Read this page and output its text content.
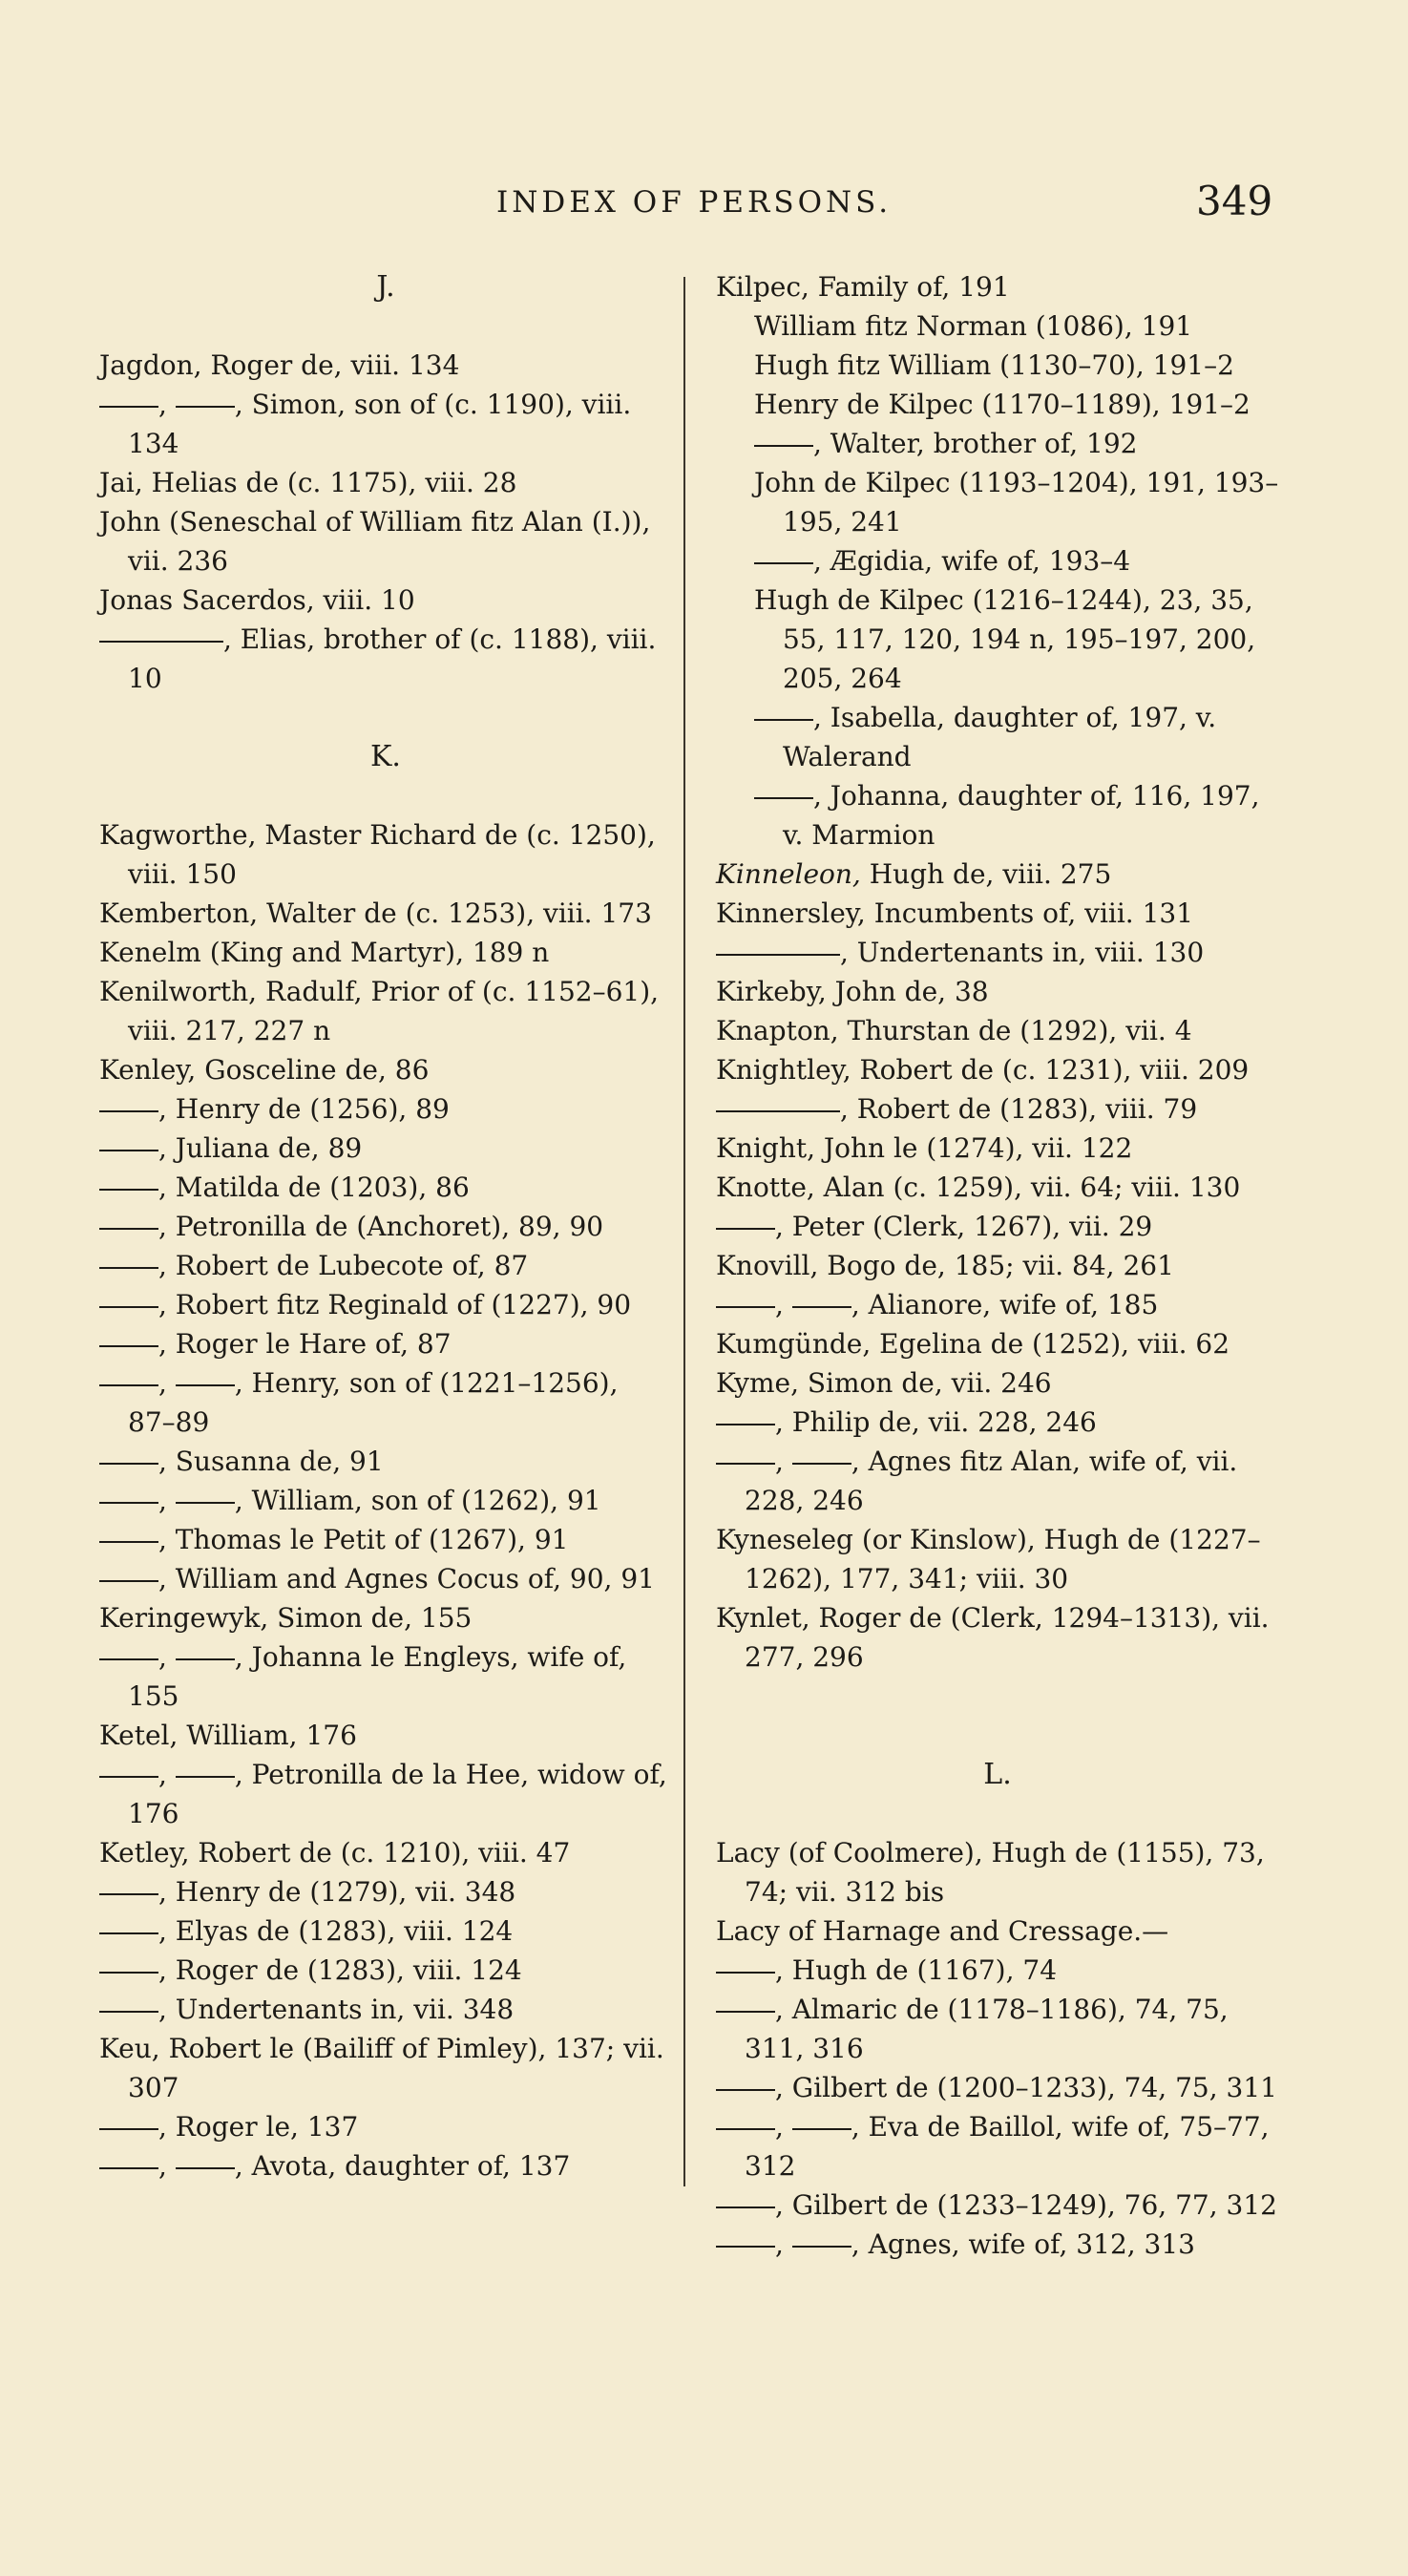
INDEX OF PERSONS.	349
J.
Jagdon, Roger de, viii. 134
, , Simon, son of (c. 1190), viii. 134
Jai, Helias de (c. 1175), viii. 28
John (Seneschal of William fitz Alan (I.)), vii. 236
Jonas Sacerdos, viii. 10
, Elias, brother of (c. 1188), viii. 10
K.
Kagworthe, Master Richard de (c. 1250), viii. 150
Kemberton, Walter de (c. 1253), viii. 173
Kenelm (King and Martyr), 189 n
Kenilworth, Radulf, Prior of (c. 1152–61), viii. 217, 227 n
Kenley, Gosceline de, 86
, Henry de (1256), 89
, Juliana de, 89
, Matilda de (1203), 86
, Petronilla de (Anchoret), 89, 90
, Robert de Lubecote of, 87
, Robert fitz Reginald of (1227), 90
, Roger le Hare of, 87
, , Henry, son of (1221–1256), 87–89
, Susanna de, 91
, , William, son of (1262), 91
, Thomas le Petit of (1267), 91
, William and Agnes Cocus of, 90, 91
Keringewyk, Simon de, 155
, , Johanna le Engleys, wife of, 155
Ketel, William, 176
, , Petronilla de la Hee, widow of, 176
Ketley, Robert de (c. 1210), viii. 47
, Henry de (1279), vii. 348
, Elyas de (1283), viii. 124
, Roger de (1283), viii. 124
, Undertenants in, vii. 348
Keu, Robert le (Bailiff of Pimley), 137; vii. 307
, Roger le, 137
, , Avota, daughter of, 137
Kilpec, Family of, 191
William fitz Norman (1086), 191
Hugh fitz William (1130–70), 191–2
Henry de Kilpec (1170–1189), 191–2
, Walter, brother of, 192
John de Kilpec (1193–1204), 191, 193–195, 241
, Ægidia, wife of, 193–4
Hugh de Kilpec (1216–1244), 23, 35, 55, 117, 120, 194 n, 195–197, 200, 205, 264
, Isabella, daughter of, 197, v. Walerand
, Johanna, daughter of, 116, 197, v. Marmion
Kinneleon, Hugh de, viii. 275
Kinnersley, Incumbents of, viii. 131
, Undertenants in, viii. 130
Kirkeby, John de, 38
Knapton, Thurstan de (1292), vii. 4
Knightley, Robert de (c. 1231), viii. 209
, Robert de (1283), viii. 79
Knight, John le (1274), vii. 122
Knotte, Alan (c. 1259), vii. 64; viii. 130
, Peter (Clerk, 1267), vii. 29
Knovill, Bogo de, 185; vii. 84, 261
, , Alianore, wife of, 185
Kumgünde, Egelina de (1252), viii. 62
Kyme, Simon de, vii. 246
, Philip de, vii. 228, 246
, , Agnes fitz Alan, wife of, vii. 228, 246
Kyneseleg (or Kinslow), Hugh de (1227–1262), 177, 341; viii. 30
Kynlet, Roger de (Clerk, 1294–1313), vii. 277, 296
L.
Lacy (of Coolmere), Hugh de (1155), 73, 74; vii. 312 bis
Lacy of Harnage and Cressage.—
, Hugh de (1167), 74
, Almaric de (1178–1186), 74, 75, 311, 316
, Gilbert de (1200–1233), 74, 75, 311
, , Eva de Baillol, wife of, 75–77, 312
, Gilbert de (1233–1249), 76, 77, 312
, , Agnes, wife of, 312, 313
